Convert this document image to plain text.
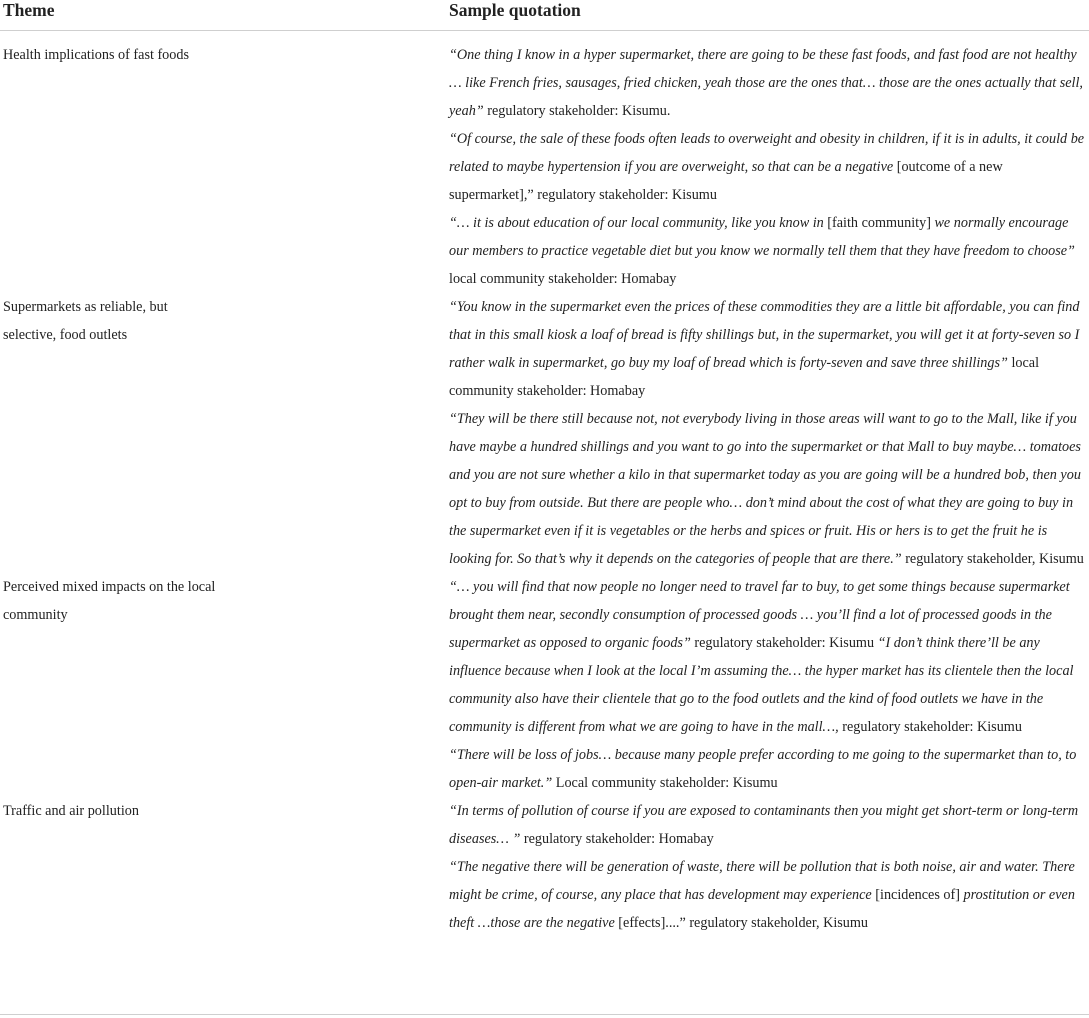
Theme	Sample quotation
Health implications of fast foods	“One thing I know in a hyper supermarket, there are going to be these fast foods, and fast food are not healthy … like French fries, sausages, fried chicken, yeah those are the ones that… those are the ones actually that sell, yeah” regulatory stakeholder: Kisumu.

“Of course, the sale of these foods often leads to overweight and obesity in children, if it is in adults, it could be related to maybe hypertension if you are overweight, so that can be a negative [outcome of a new supermarket],” regulatory stakeholder: Kisumu

“… it is about education of our local community, like you know in [faith community] we normally encourage our members to practice vegetable diet but you know we normally tell them that they have freedom to choose” local community stakeholder: Homabay

Supermarkets as reliable, but selective, food outlets	“You know in the supermarket even the prices of these commodities they are a little bit affordable, you can find that in this small kiosk a loaf of bread is fifty shillings but, in the supermarket, you will get it at forty-seven so I rather walk in supermarket, go buy my loaf of bread which is forty-seven and save three shillings” local community stakeholder: Homabay

“They will be there still because not, not everybody living in those areas will want to go to the Mall, like if you have maybe a hundred shillings and you want to go into the supermarket or that Mall to buy maybe… tomatoes and you are not sure whether a kilo in that supermarket today as you are going will be a hundred bob, then you opt to buy from outside. But there are people who… don’t mind about the cost of what they are going to buy in the supermarket even if it is vegetables or the herbs and spices or fruit. His or hers is to get the fruit he is looking for. So that’s why it depends on the categories of people that are there.” regulatory stakeholder, Kisumu

Perceived mixed impacts on the local community	“… you will find that now people no longer need to travel far to buy, to get some things because supermarket brought them near, secondly consumption of processed goods … you’ll find a lot of processed goods in the supermarket as opposed to organic foods” regulatory stakeholder: Kisumu “I don’t think there’ll be any influence because when I look at the local I’m assuming the… the hyper market has its clientele then the local community also have their clientele that go to the food outlets and the kind of food outlets we have in the community is different from what we are going to have in the mall…, regulatory stakeholder: Kisumu

“There will be loss of jobs… because many people prefer according to me going to the supermarket than to, to open-air market.” Local community stakeholder: Kisumu

Traffic and air pollution	“In terms of pollution of course if you are exposed to contaminants then you might get short-term or long-term diseases… ” regulatory stakeholder: Homabay

“The negative there will be generation of waste, there will be pollution that is both noise, air and water. There might be crime, of course, any place that has development may experience [incidences of] prostitution or even theft …those are the negative [effects]....” regulatory stakeholder, Kisumu
